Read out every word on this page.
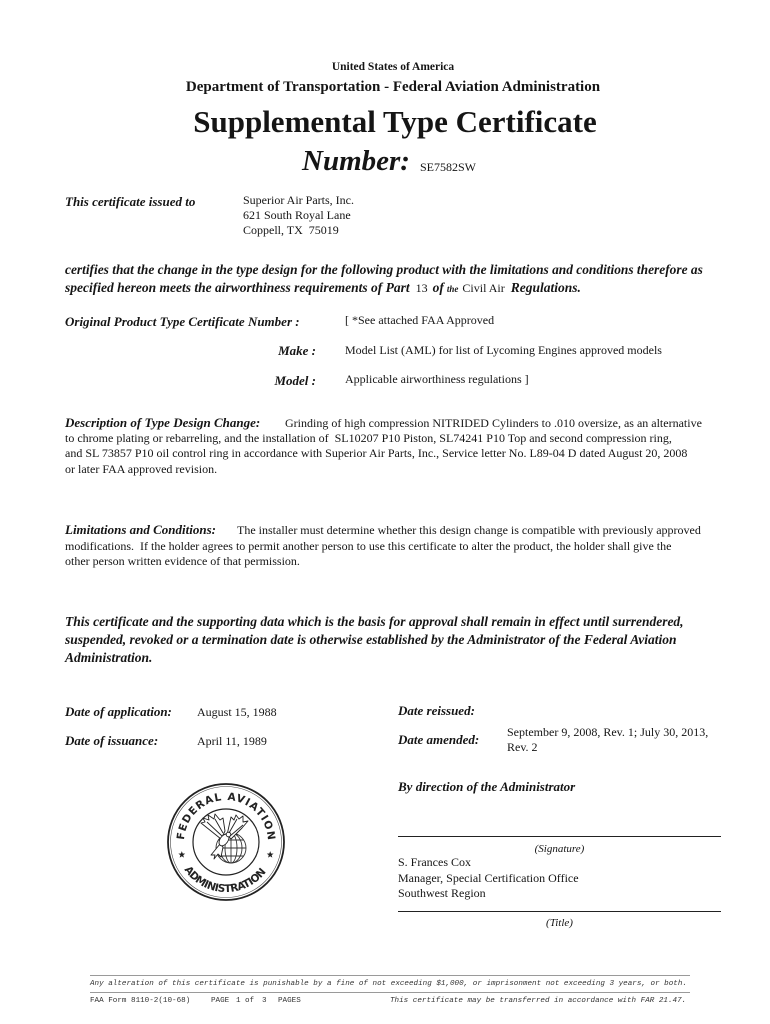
United States of America
Department of Transportation - Federal Aviation Administration
Supplemental Type Certificate
Number: SE7582SW
This certificate issued to	Superior Air Parts, Inc.
621 South Royal Lane
Coppell, TX  75019
certifies that the change in the type design for the following product with the limitations and conditions therefore as
specified hereon meets the airworthiness requirements of Part 13 of the Civil Air Regulations.
Original Product Type Certificate Number :	[ *See attached FAA Approved
Make : Model List (AML) for list of Lycoming Engines approved models
Model : Applicable airworthiness regulations ]
Description of Type Design Change:	Grinding of high compression NITRIDED Cylinders to .010 oversize, as an alternative
to chrome plating or rebarreling, and the installation of  SL10207 P10 Piston, SL74241 P10 Top and second compression ring,
and SL 73857 P10 oil control ring in accordance with Superior Air Parts, Inc., Service letter No. L89-04 D dated August 20, 2008
or later FAA approved revision.
Limitations and Conditions:	The installer must determine whether this design change is compatible with previously approved
modifications.  If the holder agrees to permit another person to use this certificate to alter the product, the holder shall give the
other person written evidence of that permission.
This certificate and the supporting data which is the basis for approval shall remain in effect until surrendered,
suspended, revoked or a termination date is otherwise established by the Administrator of the Federal Aviation
Administration.
Date of application:	August 15, 1988
Date of issuance:	April 11, 1989
Date reissued:
Date amended:	September 9, 2008, Rev. 1; July 30, 2013,
Rev. 2
By direction of the Administrator
(Signature)
S. Frances Cox
Manager, Special Certification Office
Southwest Region
(Title)
FEDERAL AVIATION
ADMINISTRATION
Any alteration of this certificate is punishable by a fine of not exceeding $1,000, or imprisonment not exceeding 3 years, or both.
FAA Form 8110-2(10-68)	PAGE 1 of 3 PAGES	This certificate may be transferred in accordance with FAR 21.47.
